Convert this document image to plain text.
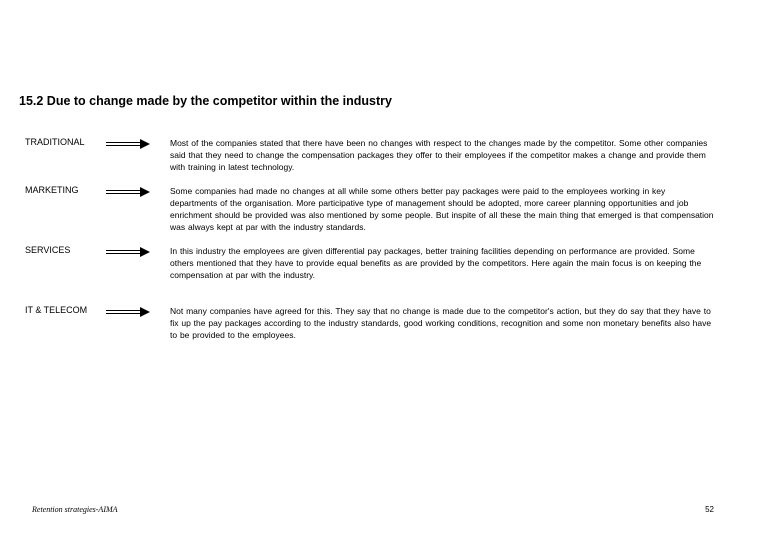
15.2 Due to change made by the competitor within the industry
TRADITIONAL	Most of the companies stated that there have been no changes with respect to the changes made by the competitor. Some other companies said that they need to change the compensation packages they offer to their employees if the competitor makes a change and provide them with training in latest technology.
MARKETING	Some companies had made no changes at all while some others better pay packages were paid to the employees working in key departments of the organisation. More participative type of management should be adopted, more career planning opportunities and job enrichment should be provided was also mentioned by some people. But inspite of all these the main thing that emerged is that compensation was always kept at par with the industry standards.
SERVICES	In this industry the employees are given differential pay packages, better training facilities depending on performance are provided. Some others mentioned that they have to provide equal benefits as are provided by the competitors. Here again the main focus is on keeping the compensation at par with the industry.
IT & TELECOM	Not many companies have agreed for this. They say that no change is made due to the competitor's action, but they do say that they have to fix up the pay packages according to the industry standards, good working conditions, recognition and some non monetary benefits also have to be provided to the employees.
Retention strategies-AIMA	52
